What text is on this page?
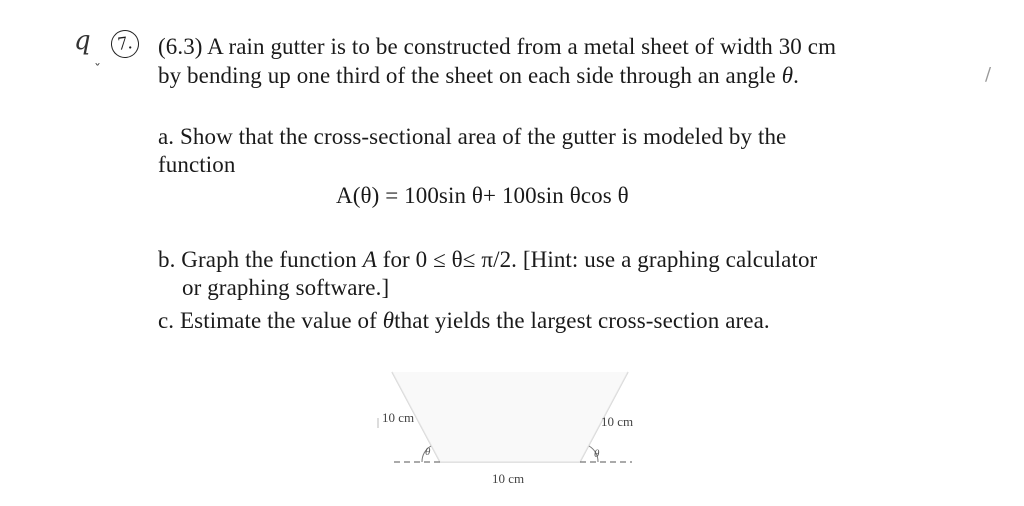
q
ˇ
7.
/
(6.3) A rain gutter is to be constructed from a metal sheet of width 30 cm
by bending up one third of the sheet on each side through an angle θ.
a. Show that the cross-sectional area of the gutter is modeled by the
function
A(θ) = 100sin θ+ 100sin θcos θ
b. Graph the function A for 0 ≤ θ≤ π/2. [Hint: use a graphing calculator
or graphing software.]
c. Estimate the value of θthat yields the largest cross-section area.
10 cm	10 cm
10 cm
θ	θ
